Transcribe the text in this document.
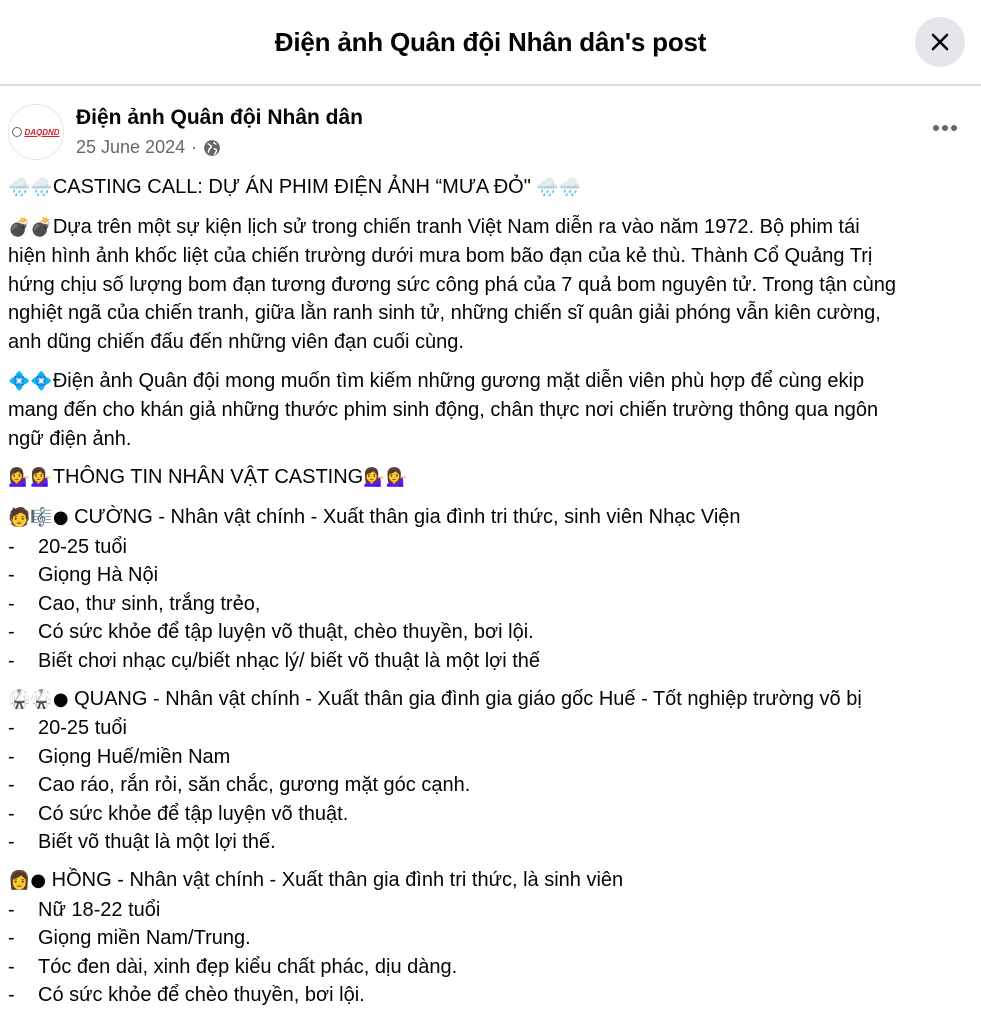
Điện ảnh Quân đội Nhân dân's post
DAQDND
Điện ảnh Quân đội Nhân dân
25 June 2024 ·
🌧️🌧️CASTING CALL: DỰ ÁN PHIM ĐIỆN ẢNH “MƯA ĐỎ" 🌧️🌧️
💣💣Dựa trên một sự kiện lịch sử trong chiến tranh Việt Nam diễn ra vào năm 1972. Bộ phim tái
hiện hình ảnh khốc liệt của chiến trường dưới mưa bom bão đạn của kẻ thù. Thành Cổ Quảng Trị
hứng chịu số lượng bom đạn tương đương sức công phá của 7 quả bom nguyên tử. Trong tận cùng
nghiệt ngã của chiến tranh, giữa lằn ranh sinh tử, những chiến sĩ quân giải phóng vẫn kiên cường,
anh dũng chiến đấu đến những viên đạn cuối cùng.
💠💠Điện ảnh Quân đội mong muốn tìm kiếm những gương mặt diễn viên phù hợp để cùng ekip
mang đến cho khán giả những thước phim sinh động, chân thực nơi chiến trường thông qua ngôn
ngữ điện ảnh.
💁‍♀️💁‍♀️THÔNG TIN NHÂN VẬT CASTING💁‍♀️💁‍♀️
🧑🎼● CƯỜNG - Nhân vật chính - Xuất thân gia đình tri thức, sinh viên Nhạc Viện
-	20-25 tuổi
-	Giọng Hà Nội
-	Cao, thư sinh, trắng trẻo,
-	Có sức khỏe để tập luyện võ thuật, chèo thuyền, bơi lội.
-	Biết chơi nhạc cụ/biết nhạc lý/ biết võ thuật là một lợi thế
🥋🥋● QUANG - Nhân vật chính - Xuất thân gia đình gia giáo gốc Huế - Tốt nghiệp trường võ bị
-	20-25 tuổi
-	Giọng Huế/miền Nam
-	Cao ráo, rắn rỏi, săn chắc, gương mặt góc cạnh.
-	Có sức khỏe để tập luyện võ thuật.
-	Biết võ thuật là một lợi thế.
👩● HỒNG - Nhân vật chính - Xuất thân gia đình tri thức, là sinh viên
-	Nữ 18-22 tuổi
-	Giọng miền Nam/Trung.
-	Tóc đen dài, xinh đẹp kiểu chất phác, dịu dàng.
-	Có sức khỏe để chèo thuyền, bơi lội.
